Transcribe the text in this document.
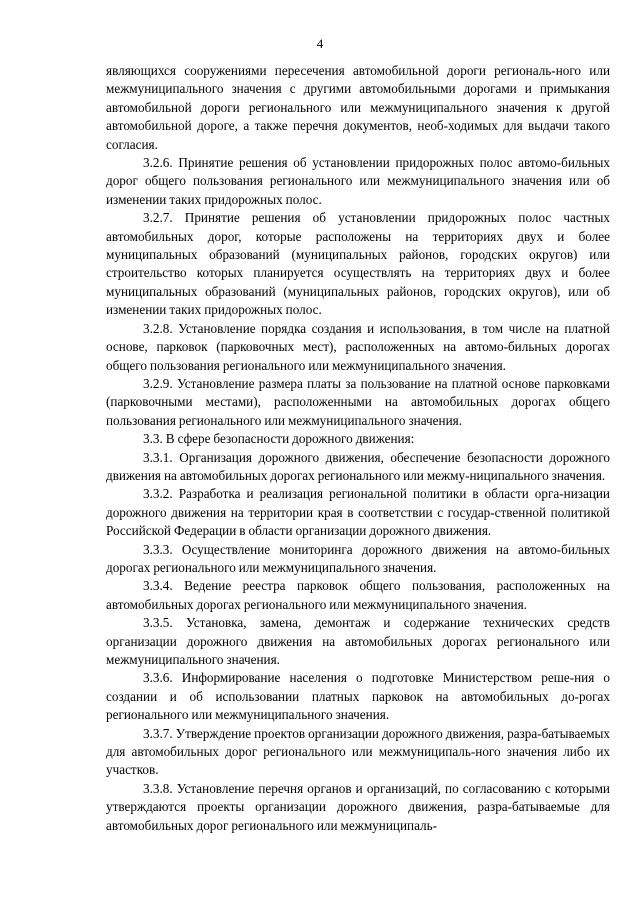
4

являющихся сооружениями пересечения автомобильной дороги региональ-ного или межмуниципального значения с другими автомобильными дорогами и примыкания автомобильной дороги регионального или межмуниципального значения к другой автомобильной дороге, а также перечня документов, необ-ходимых для выдачи такого согласия.

3.2.6. Принятие решения об установлении придорожных полос автомо-бильных дорог общего пользования регионального или межмуниципального значения или об изменении таких придорожных полос.

3.2.7. Принятие решения об установлении придорожных полос частных автомобильных дорог, которые расположены на территориях двух и более муниципальных образований (муниципальных районов, городских округов) или строительство которых планируется осуществлять на территориях двух и более муниципальных образований (муниципальных районов, городских округов), или об изменении таких придорожных полос.

3.2.8. Установление порядка создания и использования, в том числе на платной основе, парковок (парковочных мест), расположенных на автомо-бильных дорогах общего пользования регионального или межмуниципального значения.

3.2.9. Установление размера платы за пользование на платной основе парковками (парковочными местами), расположенными на автомобильных дорогах общего пользования регионального или межмуниципального значения.

3.3. В сфере безопасности дорожного движения:

3.3.1. Организация дорожного движения, обеспечение безопасности дорожного движения на автомобильных дорогах регионального или межму-ниципального значения.

3.3.2. Разработка и реализация региональной политики в области орга-низации дорожного движения на территории края в соответствии с государ-ственной политикой Российской Федерации в области организации дорожного движения.

3.3.3. Осуществление мониторинга дорожного движения на автомо-бильных дорогах регионального или межмуниципального значения.

3.3.4. Ведение реестра парковок общего пользования, расположенных на автомобильных дорогах регионального или межмуниципального значения.

3.3.5. Установка, замена, демонтаж и содержание технических средств организации дорожного движения на автомобильных дорогах регионального или межмуниципального значения.

3.3.6. Информирование населения о подготовке Министерством реше-ния о создании и об использовании платных парковок на автомобильных до-рогах регионального или межмуниципального значения.

3.3.7. Утверждение проектов организации дорожного движения, разра-батываемых для автомобильных дорог регионального или межмуниципаль-ного значения либо их участков.

3.3.8. Установление перечня органов и организаций, по согласованию с которыми утверждаются проекты организации дорожного движения, разра-батываемые для автомобильных дорог регионального или межмуниципаль-
